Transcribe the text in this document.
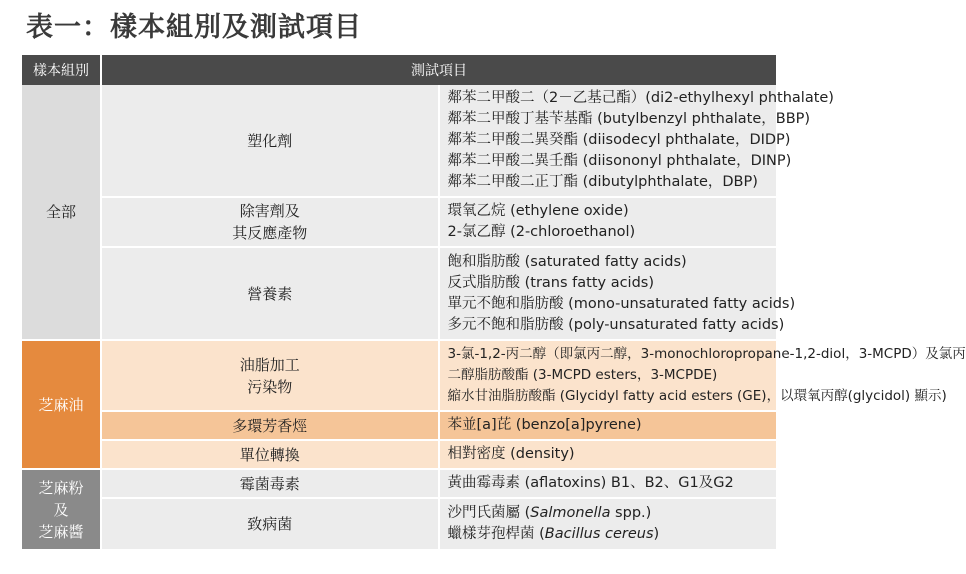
表一：樣本組別及測試項目
樣本組別	測試項目	
全部	塑化劑	鄰苯二甲酸二（2－乙基己酯）(di2-ethylhexyl phthalate)
鄰苯二甲酸丁基苄基酯 (butylbenzyl phthalate，BBP)
鄰苯二甲酸二異癸酯 (diisodecyl phthalate，DIDP)
鄰苯二甲酸二異壬酯 (diisononyl phthalate，DINP)
鄰苯二甲酸二正丁酯 (dibutylphthalate，DBP)

	除害劑及
其反應產物	環氧乙烷 (ethylene oxide)
2-氯乙醇 (2-chloroethanol)

	營養素	飽和脂肪酸 (saturated fatty acids)
反式脂肪酸 (trans fatty acids)
單元不飽和脂肪酸 (mono-unsaturated fatty acids)
多元不飽和脂肪酸 (poly-unsaturated fatty acids)

芝麻油	油脂加工
污染物	3-氯-1,2-丙二醇（即氯丙二醇，3-monochloropropane-1,2-diol，3-MCPD）及氯丙
二醇脂肪酸酯 (3-MCPD esters，3-MCPDE)
縮水甘油脂肪酸酯 (Glycidyl fatty acid esters (GE)，以環氧丙醇(glycidol) 顯示)

	多環芳香烴	苯並[a]芘 (benzo[a]pyrene)

	單位轉換	相對密度 (density)

芝麻粉
及
芝麻醬	霉菌毒素	黃曲霉毒素 (aflatoxins) B1、B2、G1及G2

	致病菌	沙門氏菌屬 (Salmonella spp.)
蠟樣芽孢桿菌 (Bacillus cereus)
